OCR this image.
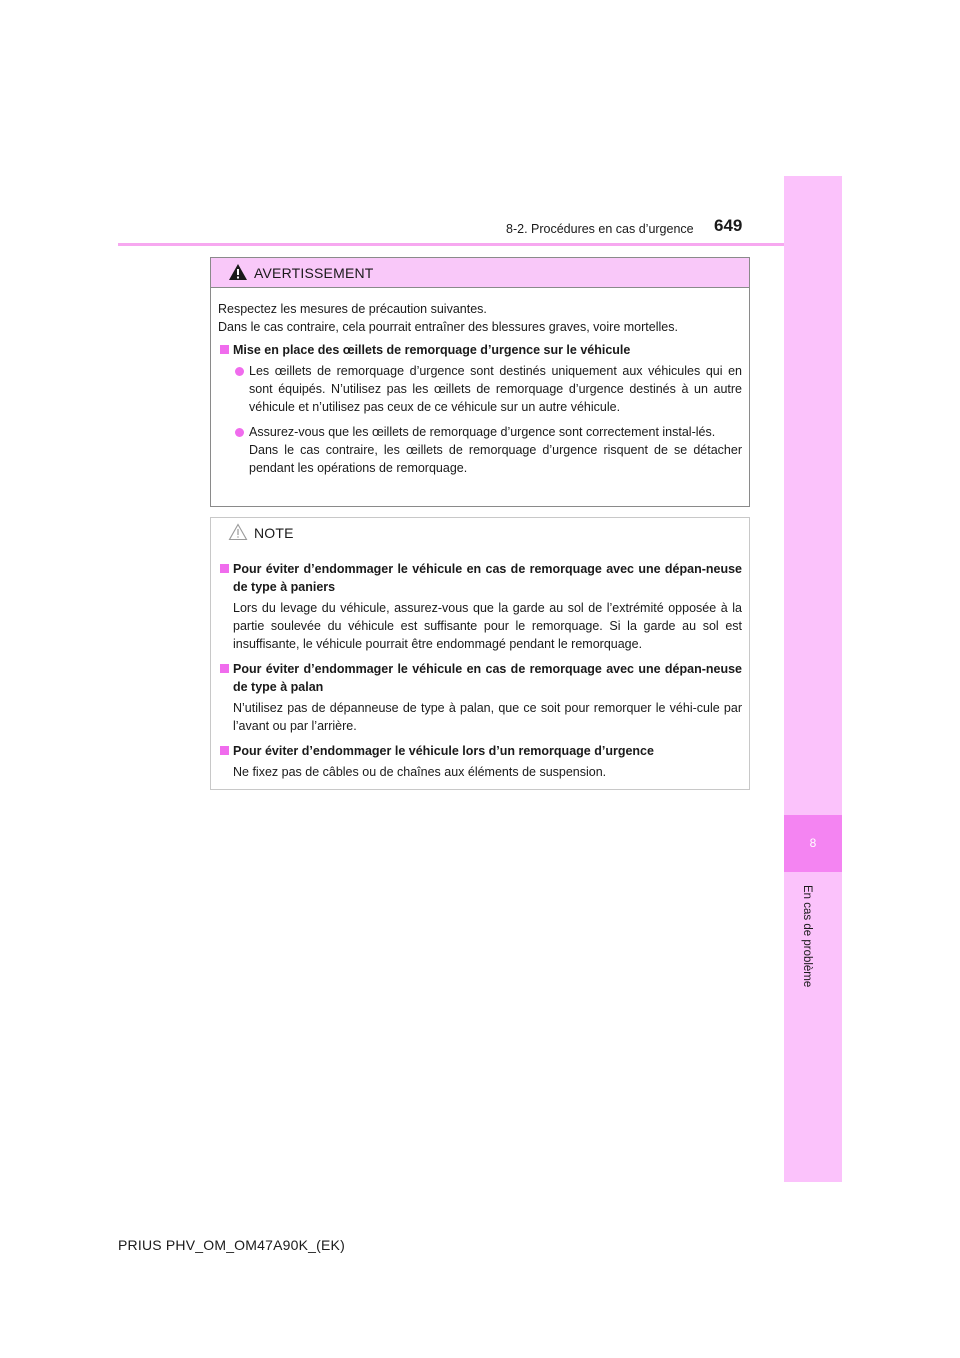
8-2. Procédures en cas d’urgence 649
8
En cas de problème
AVERTISSEMENT
Respectez les mesures de précaution suivantes.
Dans le cas contraire, cela pourrait entraîner des blessures graves, voire mortelles.
Mise en place des œillets de remorquage d’urgence sur le véhicule
Les œillets de remorquage d’urgence sont destinés uniquement aux véhicules qui en sont équipés. N’utilisez pas les œillets de remorquage d’urgence destinés à un autre véhicule et n’utilisez pas ceux de ce véhicule sur un autre véhicule.
Assurez-vous que les œillets de remorquage d’urgence sont correctement instal-lés.
Dans le cas contraire, les œillets de remorquage d’urgence risquent de se détacher pendant les opérations de remorquage.
NOTE
Pour éviter d’endommager le véhicule en cas de remorquage avec une dépan-neuse de type à paniers
Lors du levage du véhicule, assurez-vous que la garde au sol de l’extrémité opposée à la partie soulevée du véhicule est suffisante pour le remorquage. Si la garde au sol est insuffisante, le véhicule pourrait être endommagé pendant le remorquage.
Pour éviter d’endommager le véhicule en cas de remorquage avec une dépan-neuse de type à palan
N’utilisez pas de dépanneuse de type à palan, que ce soit pour remorquer le véhi-cule par l’avant ou par l’arrière.
Pour éviter d’endommager le véhicule lors d’un remorquage d’urgence
Ne fixez pas de câbles ou de chaînes aux éléments de suspension.
PRIUS PHV_OM_OM47A90K_(EK)
